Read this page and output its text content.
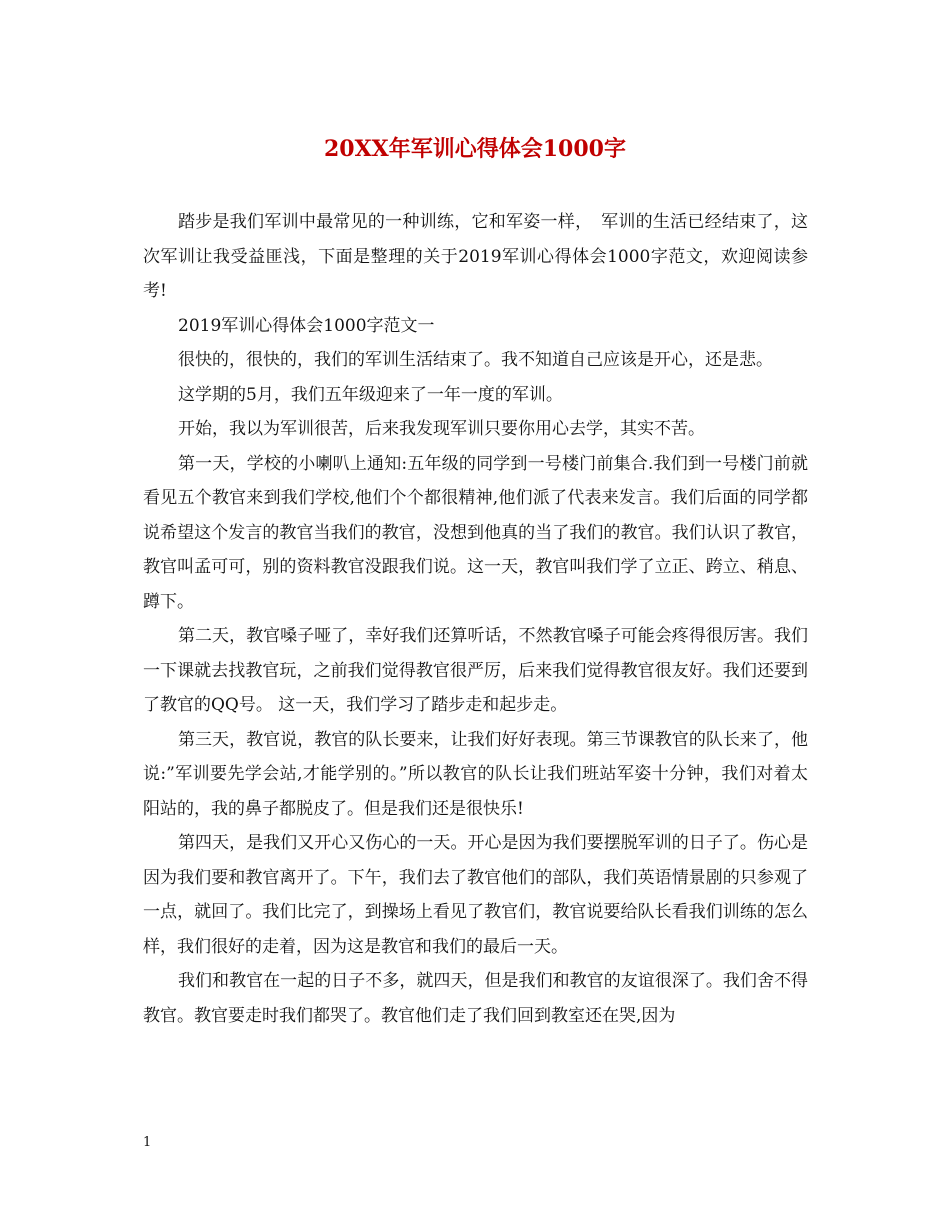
20XX年军训心得体会1000字

踏步是我们军训中最常见的一种训练，它和军姿一样，　军训的生活已经结束了，这次军训让我受益匪浅，下面是整理的关于2019军训心得体会1000字范文，欢迎阅读参考!

2019军训心得体会1000字范文一

很快的，很快的，我们的军训生活结束了。我不知道自己应该是开心，还是悲。

这学期的5月，我们五年级迎来了一年一度的军训。

开始，我以为军训很苦，后来我发现军训只要你用心去学，其实不苦。

第一天，学校的小喇叭上通知:五年级的同学到一号楼门前集合.我们到一号楼门前就看见五个教官来到我们学校,他们个个都很精神,他们派了代表来发言。我们后面的同学都说希望这个发言的教官当我们的教官，没想到他真的当了我们的教官。我们认识了教官，教官叫孟可可，别的资料教官没跟我们说。这一天，教官叫我们学了立正、跨立、稍息、蹲下。

第二天，教官嗓子哑了，幸好我们还算听话，不然教官嗓子可能会疼得很厉害。我们一下课就去找教官玩，之前我们觉得教官很严厉，后来我们觉得教官很友好。我们还要到了教官的QQ号。 这一天，我们学习了踏步走和起步走。

第三天，教官说，教官的队长要来，让我们好好表现。第三节课教官的队长来了，他说:”军训要先学会站,才能学别的。”所以教官的队长让我们班站军姿十分钟，我们对着太阳站的，我的鼻子都脱皮了。但是我们还是很快乐!

第四天，是我们又开心又伤心的一天。开心是因为我们要摆脱军训的日子了。伤心是因为我们要和教官离开了。下午，我们去了教官他们的部队，我们英语情景剧的只参观了一点，就回了。我们比完了，到操场上看见了教官们，教官说要给队长看我们训练的怎么样，我们很好的走着，因为这是教官和我们的最后一天。

我们和教官在一起的日子不多，就四天，但是我们和教官的友谊很深了。我们舍不得教官。教官要走时我们都哭了。教官他们走了我们回到教室还在哭,因为

1
